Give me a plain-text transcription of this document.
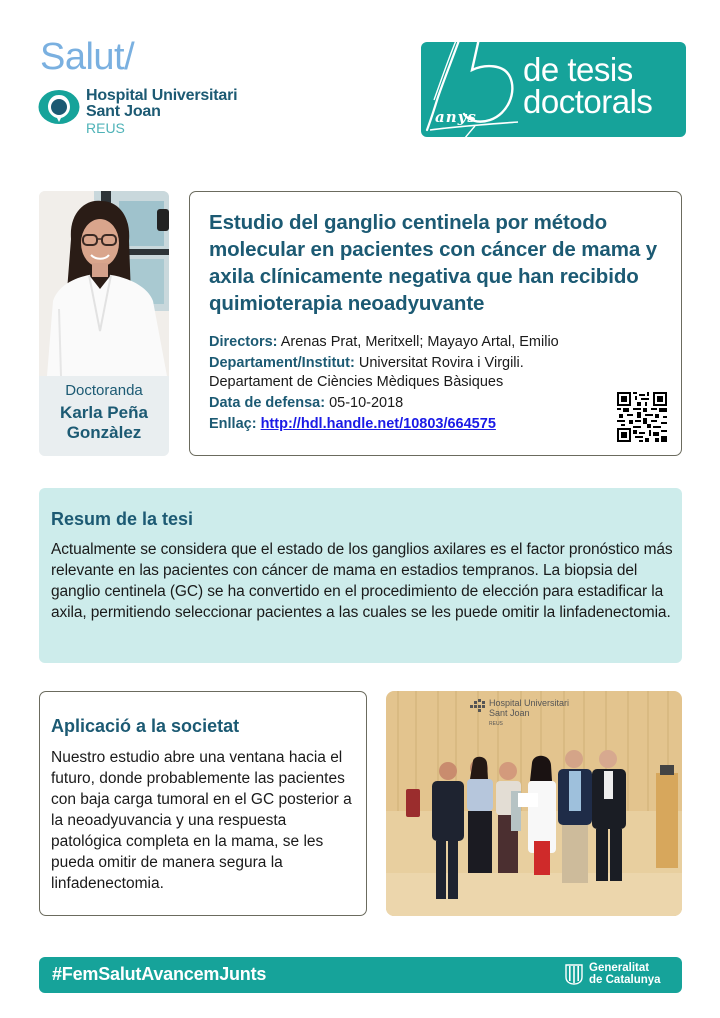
Salut/
Hospital Universitari
Sant Joan
REUS
anys
de tesis
doctorals
Doctoranda
Karla Peña
Gonzàlez
Estudio del ganglio centinela por método molecular en pacientes con cáncer de mama y axila clínicamente negativa que han recibido quimioterapia neoadyuvante
Directors: Arenas Prat, Meritxell; Mayayo Artal, Emilio
Departament/Institut: Universitat Rovira i Virgili.
Departament de Ciències Mèdiques Bàsiques
Data de defensa: 05-10-2018
Enllaç: http://hdl.handle.net/10803/664575
Resum de la tesi
Actualmente se considera que el estado de los ganglios axilares es el factor pronóstico más relevante en las pacientes con cáncer de mama en estadios tempranos. La biopsia del ganglio centinela (GC) se ha convertido en el procedimiento de elección para estadificar la axila, permitiendo seleccionar pacientes a las cuales se les puede omitir la linfadenectomia.
Aplicació a la societat
Nuestro estudio abre una ventana hacia el futuro, donde probablemente las pacientes con baja carga tumoral en el GC posterior a la neoadyuvancia y una respuesta patológica completa en la mama, se les pueda omitir de manera segura la linfadenectomia.
Hospital Universitari
Sant Joan
REUS
#FemSalutAvancemJunts	Generalitat
de Catalunya
